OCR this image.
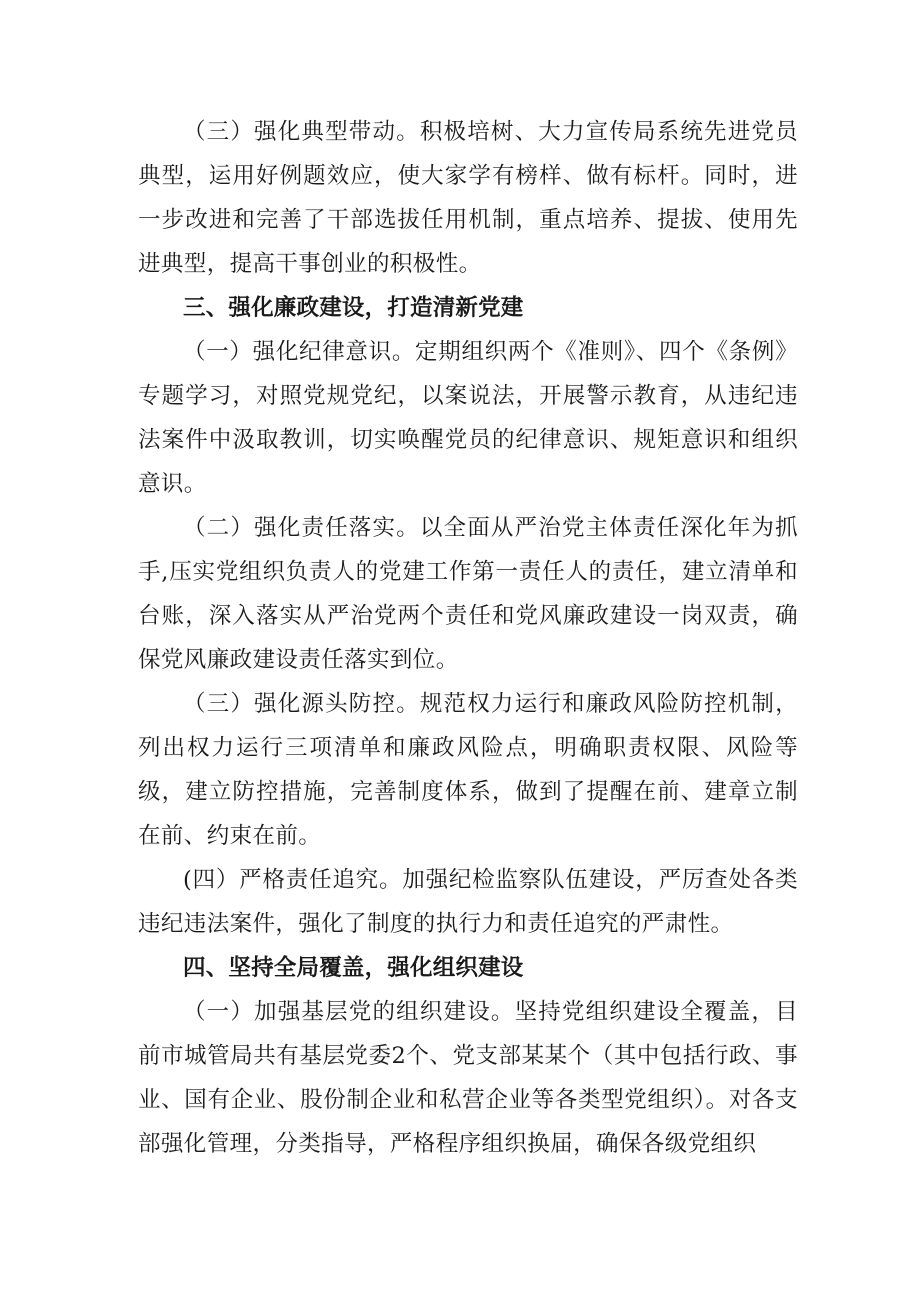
（三）强化典型带动。积极培树、大力宣传局系统先进党员典型，运用好例题效应，使大家学有榜样、做有标杆。同时，进一步改进和完善了干部选拔任用机制，重点培养、提拔、使用先进典型，提高干事创业的积极性。

三、强化廉政建设，打造清新党建

（一）强化纪律意识。定期组织两个《准则》、四个《条例》专题学习，对照党规党纪，以案说法，开展警示教育，从违纪违法案件中汲取教训，切实唤醒党员的纪律意识、规矩意识和组织意识。

（二）强化责任落实。以全面从严治党主体责任深化年为抓手,压实党组织负责人的党建工作第一责任人的责任，建立清单和台账，深入落实从严治党两个责任和党风廉政建设一岗双责，确保党风廉政建设责任落实到位。

（三）强化源头防控。规范权力运行和廉政风险防控机制，列出权力运行三项清单和廉政风险点，明确职责权限、风险等级，建立防控措施，完善制度体系，做到了提醒在前、建章立制在前、约束在前。

(四）严格责任追究。加强纪检监察队伍建设，严厉查处各类违纪违法案件，强化了制度的执行力和责任追究的严肃性。

四、坚持全局覆盖，强化组织建设

（一）加强基层党的组织建设。坚持党组织建设全覆盖，目前市城管局共有基层党委2个、党支部某某个（其中包括行政、事业、国有企业、股份制企业和私营企业等各类型党组织）。对各支部强化管理，分类指导，严格程序组织换届，确保各级党组织
